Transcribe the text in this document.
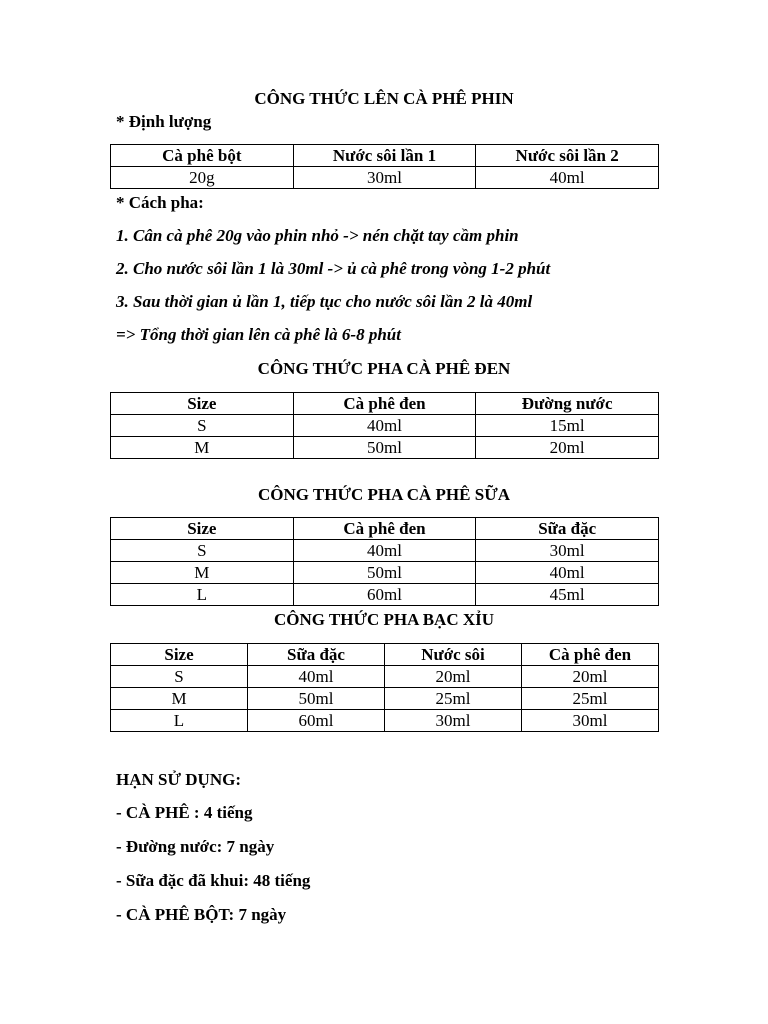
CÔNG THỨC LÊN CÀ PHÊ PHIN
* Định lượng
Cà phê bột	Nước sôi lần 1	Nước sôi lần 2
20g	30ml	40ml
* Cách pha:
1. Cân cà phê 20g vào phin nhỏ -> nén chặt tay cầm phin
2. Cho nước sôi lần 1 là 30ml -> ủ cà phê trong vòng 1-2 phút
3. Sau thời gian ủ lần 1, tiếp tục cho nước sôi lần 2 là 40ml
=> Tổng thời gian lên cà phê là 6-8 phút
CÔNG THỨC PHA CÀ PHÊ ĐEN
Size	Cà phê đen	Đường nước
S	40ml	15ml
M	50ml	20ml
CÔNG THỨC PHA CÀ PHÊ SỮA
Size	Cà phê đen	Sữa đặc
S	40ml	30ml
M	50ml	40ml
L	60ml	45ml
CÔNG THỨC PHA BẠC XỈU
Size	Sữa đặc	Nước sôi	Cà phê đen
S	40ml	20ml	20ml
M	50ml	25ml	25ml
L	60ml	30ml	30ml
HẠN SỬ DỤNG:
- CÀ PHÊ : 4 tiếng
- Đường nước: 7 ngày
- Sữa đặc đã khui: 48 tiếng
- CÀ PHÊ BỘT: 7 ngày
